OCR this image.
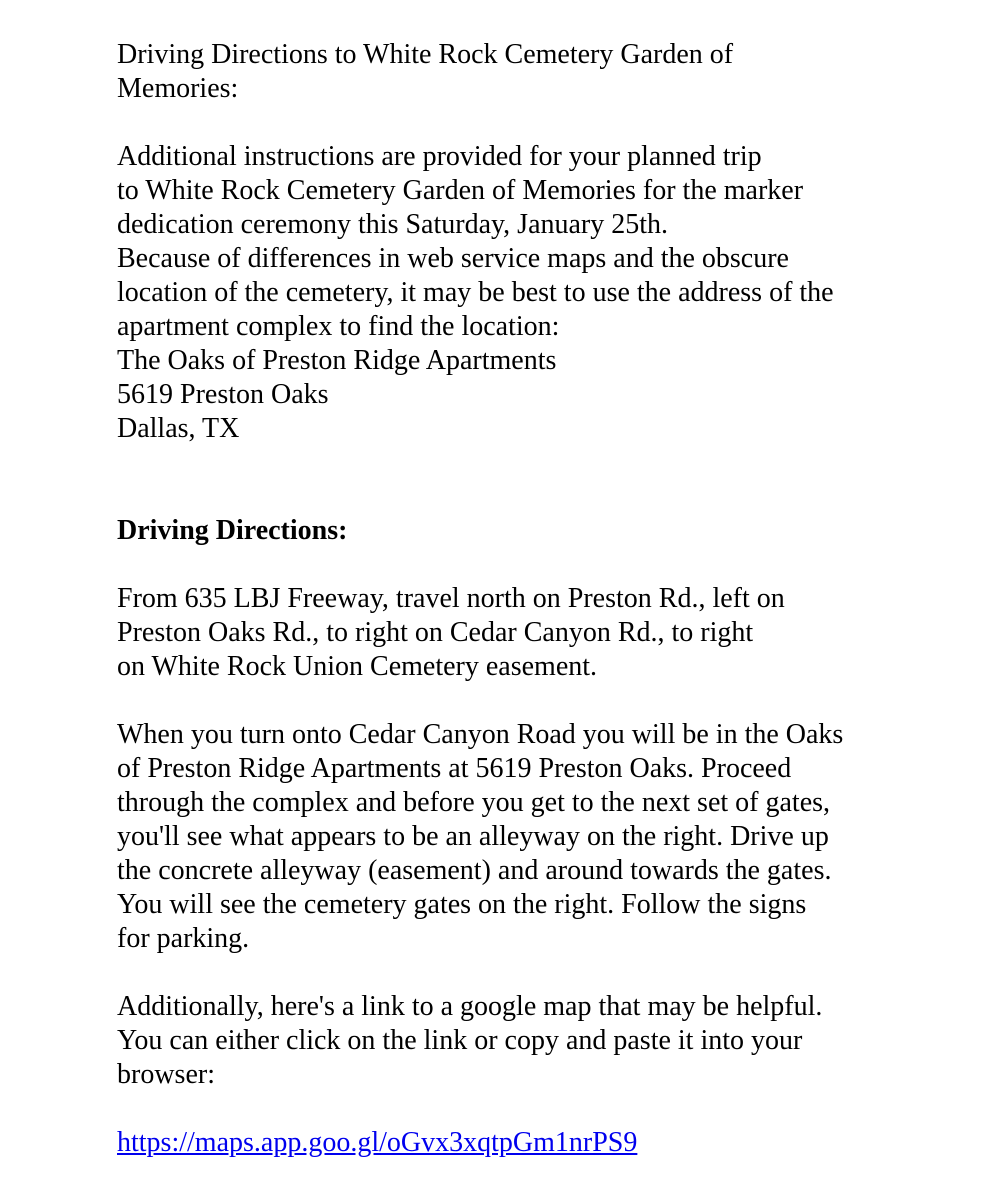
Driving Directions to White Rock Cemetery Garden of
Memories:
Additional instructions are provided for your planned trip
to White Rock Cemetery Garden of Memories for the marker
dedication ceremony this Saturday, January 25th.
Because of differences in web service maps and the obscure
location of the cemetery, it may be best to use the address of the
apartment complex to find the location:
The Oaks of Preston Ridge Apartments
5619 Preston Oaks
Dallas, TX
Driving Directions:
From 635 LBJ Freeway, travel north on Preston Rd., left on
Preston Oaks Rd., to right on Cedar Canyon Rd., to right
on White Rock Union Cemetery easement.
When you turn onto Cedar Canyon Road you will be in the Oaks
of Preston Ridge Apartments at 5619 Preston Oaks. Proceed
through the complex and before you get to the next set of gates,
you'll see what appears to be an alleyway on the right. Drive up
the concrete alleyway (easement) and around towards the gates.
You will see the cemetery gates on the right. Follow the signs
for parking.
Additionally, here's a link to a google map that may be helpful.
You can either click on the link or copy and paste it into your
browser:
https://maps.app.goo.gl/oGvx3xqtpGm1nrPS9
